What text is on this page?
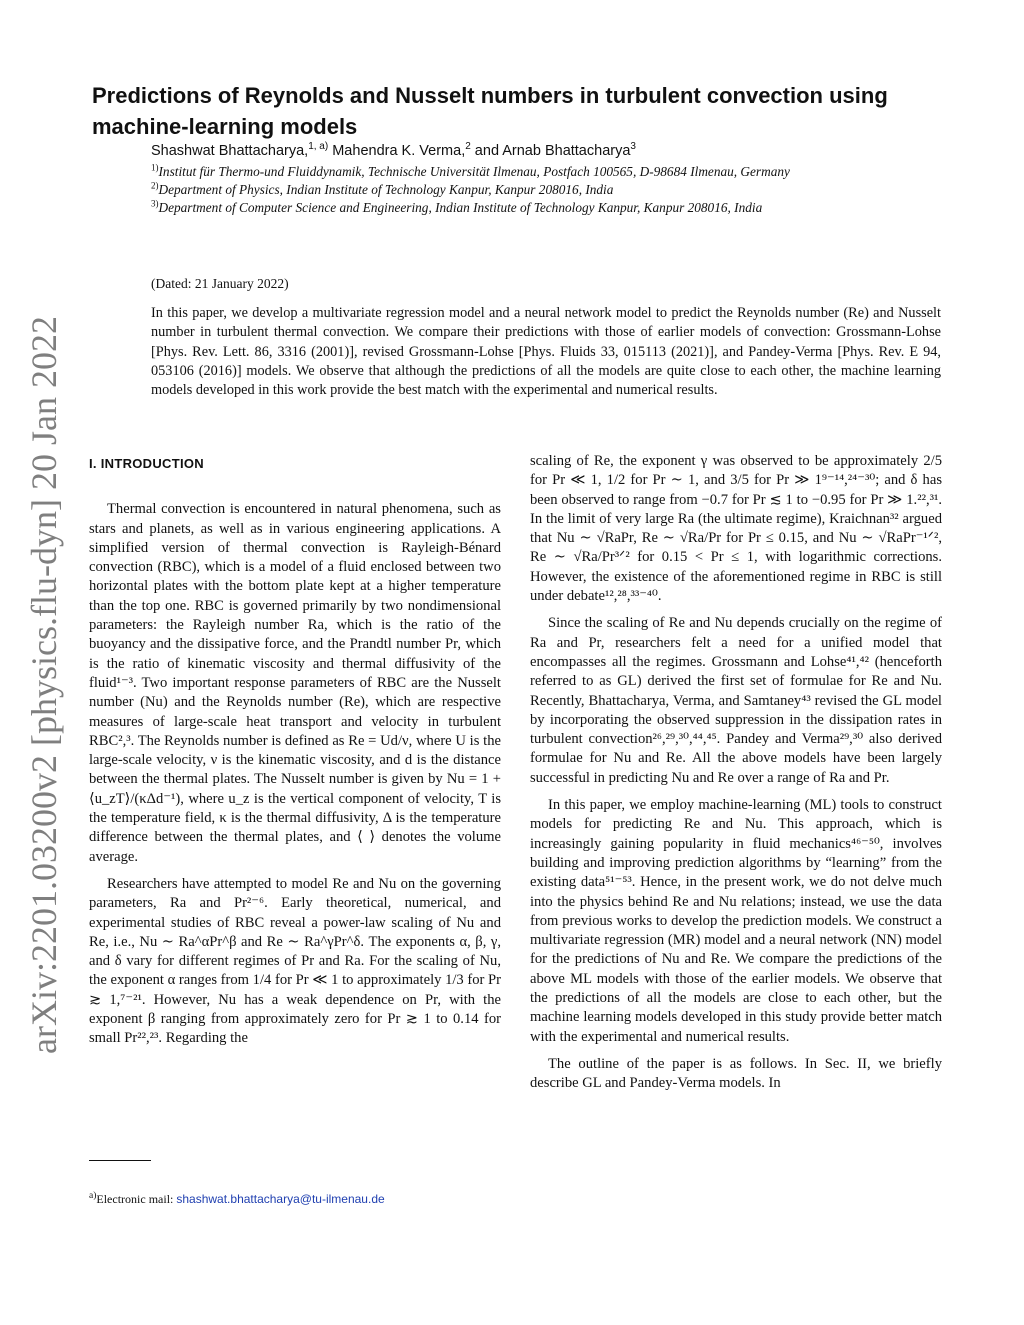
arXiv:2201.03200v2 [physics.flu-dyn] 20 Jan 2022
Predictions of Reynolds and Nusselt numbers in turbulent convection using machine-learning models
Shashwat Bhattacharya,$^{1, a)}$ Mahendra K. Verma,$^2$ and Arnab Bhattacharya$^3$

$^{1)}$Institut für Thermo-und Fluiddynamik, Technische Universität Ilmenau, Postfach 100565, D-98684 Ilmenau, Germany

$^{2)}$Department of Physics, Indian Institute of Technology Kanpur, Kanpur 208016, India

$^{3)}$Department of Computer Science and Engineering, Indian Institute of Technology Kanpur, Kanpur 208016, India

(Dated: 21 January 2022)
In this paper, we develop a multivariate regression model and a neural network model to predict the Reynolds number (Re) and Nusselt number in turbulent thermal convection. We compare their predictions with those of earlier models of convection: Grossmann-Lohse [Phys. Rev. Lett. 86, 3316 (2001)], revised Grossmann-Lohse [Phys. Fluids 33, 015113 (2021)], and Pandey-Verma [Phys. Rev. E 94, 053106 (2016)] models. We observe that although the predictions of all the models are quite close to each other, the machine learning models developed in this work provide the best match with the experimental and numerical results.
I. INTRODUCTION

Thermal convection is encountered in natural phenomena, such as stars and planets, as well as in various engineering applications. A simplified version of thermal convection is Rayleigh-Bénard convection (RBC), which is a model of a fluid enclosed between two horizontal plates with the bottom plate kept at a higher temperature than the top one. RBC is governed primarily by two nondimensional parameters: the Rayleigh number Ra, which is the ratio of the buoyancy and the dissipative force, and the Prandtl number Pr, which is the ratio of kinematic viscosity and thermal diffusivity of the fluid¹⁻³. Two important response parameters of RBC are the Nusselt number (Nu) and the Reynolds number (Re), which are respective measures of large-scale heat transport and velocity in turbulent RBC²,³. The Reynolds number is defined as Re = Ud/ν, where U is the large-scale velocity, ν is the kinematic viscosity, and d is the distance between the thermal plates. The Nusselt number is given by Nu = 1 + ⟨u_zT⟩/(κΔd⁻¹), where u_z is the vertical component of velocity, T is the temperature field, κ is the thermal diffusivity, Δ is the temperature difference between the thermal plates, and ⟨ ⟩ denotes the volume average.

Researchers have attempted to model Re and Nu on the governing parameters, Ra and Pr²⁻⁶. Early theoretical, numerical, and experimental studies of RBC reveal a power-law scaling of Nu and Re, i.e., Nu ∼ Ra^αPr^β and Re ∼ Ra^γPr^δ. The exponents α, β, γ, and δ vary for different regimes of Pr and Ra. For the scaling of Nu, the exponent α ranges from 1/4 for Pr ≪ 1 to approximately 1/3 for Pr ≳ 1,⁷⁻²¹. However, Nu has a weak dependence on Pr, with the exponent β ranging from approximately zero for Pr ≳ 1 to 0.14 for small Pr²²,²³. Regarding the

scaling of Re, the exponent γ was observed to be approximately 2/5 for Pr ≪ 1, 1/2 for Pr ∼ 1, and 3/5 for Pr ≫ 1⁹⁻¹⁴,²⁴⁻³⁰; and δ has been observed to range from −0.7 for Pr ≲ 1 to −0.95 for Pr ≫ 1.²²,³¹. In the limit of very large Ra (the ultimate regime), Kraichnan³² argued that Nu ∼ √RaPr, Re ∼ √Ra/Pr for Pr ≤ 0.15, and Nu ∼ √RaPr⁻¹ᐟ², Re ∼ √Ra/Pr³ᐟ² for 0.15 < Pr ≤ 1, with logarithmic corrections. However, the existence of the aforementioned regime in RBC is still under debate¹²,²⁸,³³⁻⁴⁰.

Since the scaling of Re and Nu depends crucially on the regime of Ra and Pr, researchers felt a need for a unified model that encompasses all the regimes. Grossmann and Lohse⁴¹,⁴² (henceforth referred to as GL) derived the first set of formulae for Re and Nu. Recently, Bhattacharya, Verma, and Samtaney⁴³ revised the GL model by incorporating the observed suppression in the dissipation rates in turbulent convection²⁶,²⁹,³⁰,⁴⁴,⁴⁵. Pandey and Verma²⁹,³⁰ also derived formulae for Nu and Re. All the above models have been largely successful in predicting Nu and Re over a range of Ra and Pr.

In this paper, we employ machine-learning (ML) tools to construct models for predicting Re and Nu. This approach, which is increasingly gaining popularity in fluid mechanics⁴⁶⁻⁵⁰, involves building and improving prediction algorithms by “learning” from the existing data⁵¹⁻⁵³. Hence, in the present work, we do not delve much into the physics behind Re and Nu relations; instead, we use the data from previous works to develop the prediction models. We construct a multivariate regression (MR) model and a neural network (NN) model for the predictions of Nu and Re. We compare the predictions of the above ML models with those of the earlier models. We observe that the predictions of all the models are close to each other, but the machine learning models developed in this study provide better match with the experimental and numerical results.

The outline of the paper is as follows. In Sec. II, we briefly describe GL and Pandey-Verma models. In

$^{a)}$Electronic mail: shashwat.bhattacharya@tu-ilmenau.de
